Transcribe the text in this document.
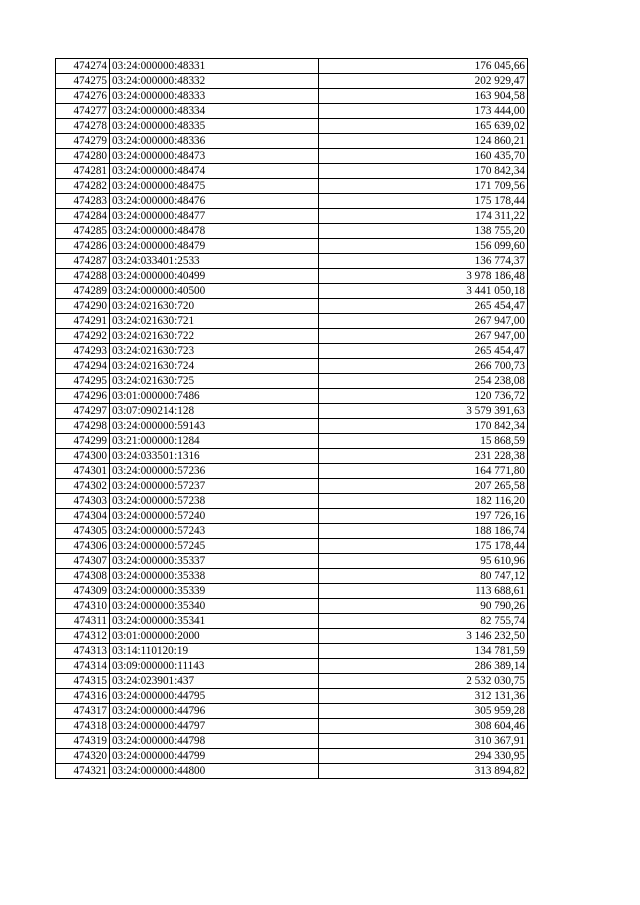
474274	03:24:000000:48331	176 045,66
474275	03:24:000000:48332	202 929,47
474276	03:24:000000:48333	163 904,58
474277	03:24:000000:48334	173 444,00
474278	03:24:000000:48335	165 639,02
474279	03:24:000000:48336	124 860,21
474280	03:24:000000:48473	160 435,70
474281	03:24:000000:48474	170 842,34
474282	03:24:000000:48475	171 709,56
474283	03:24:000000:48476	175 178,44
474284	03:24:000000:48477	174 311,22
474285	03:24:000000:48478	138 755,20
474286	03:24:000000:48479	156 099,60
474287	03:24:033401:2533	136 774,37
474288	03:24:000000:40499	3 978 186,48
474289	03:24:000000:40500	3 441 050,18
474290	03:24:021630:720	265 454,47
474291	03:24:021630:721	267 947,00
474292	03:24:021630:722	267 947,00
474293	03:24:021630:723	265 454,47
474294	03:24:021630:724	266 700,73
474295	03:24:021630:725	254 238,08
474296	03:01:000000:7486	120 736,72
474297	03:07:090214:128	3 579 391,63
474298	03:24:000000:59143	170 842,34
474299	03:21:000000:1284	15 868,59
474300	03:24:033501:1316	231 228,38
474301	03:24:000000:57236	164 771,80
474302	03:24:000000:57237	207 265,58
474303	03:24:000000:57238	182 116,20
474304	03:24:000000:57240	197 726,16
474305	03:24:000000:57243	188 186,74
474306	03:24:000000:57245	175 178,44
474307	03:24:000000:35337	95 610,96
474308	03:24:000000:35338	80 747,12
474309	03:24:000000:35339	113 688,61
474310	03:24:000000:35340	90 790,26
474311	03:24:000000:35341	82 755,74
474312	03:01:000000:2000	3 146 232,50
474313	03:14:110120:19	134 781,59
474314	03:09:000000:11143	286 389,14
474315	03:24:023901:437	2 532 030,75
474316	03:24:000000:44795	312 131,36
474317	03:24:000000:44796	305 959,28
474318	03:24:000000:44797	308 604,46
474319	03:24:000000:44798	310 367,91
474320	03:24:000000:44799	294 330,95
474321	03:24:000000:44800	313 894,82
